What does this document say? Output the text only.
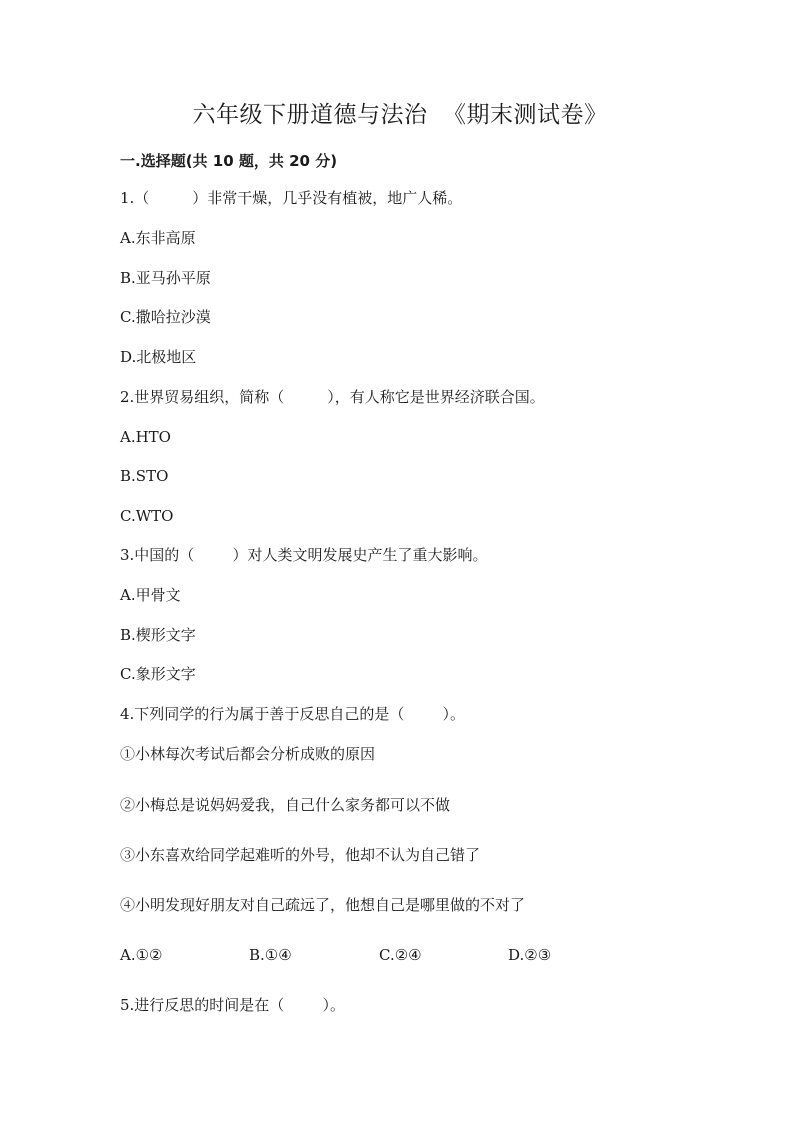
六年级下册道德与法治  《期末测试卷》
一.选择题(共 10 题，共 20 分)
1.（         ）非常干燥，几乎没有植被，地广人稀。
A.东非高原
B.亚马孙平原
C.撒哈拉沙漠
D.北极地区
2.世界贸易组织，简称（         ），有人称它是世界经济联合国。
A.HTO
B.STO
C.WTO
3.中国的（        ）对人类文明发展史产生了重大影响。
A.甲骨文
B.楔形文字
C.象形文字
4.下列同学的行为属于善于反思自己的是（        ）。
①小林每次考试后都会分析成败的原因
②小梅总是说妈妈爱我，自己什么家务都可以不做
③小东喜欢给同学起难听的外号，他却不认为自己错了
④小明发现好朋友对自己疏远了，他想自己是哪里做的不对了

A.①②

	B.①④

	C.②④

	D.②③

5.进行反思的时间是在（        ）。
